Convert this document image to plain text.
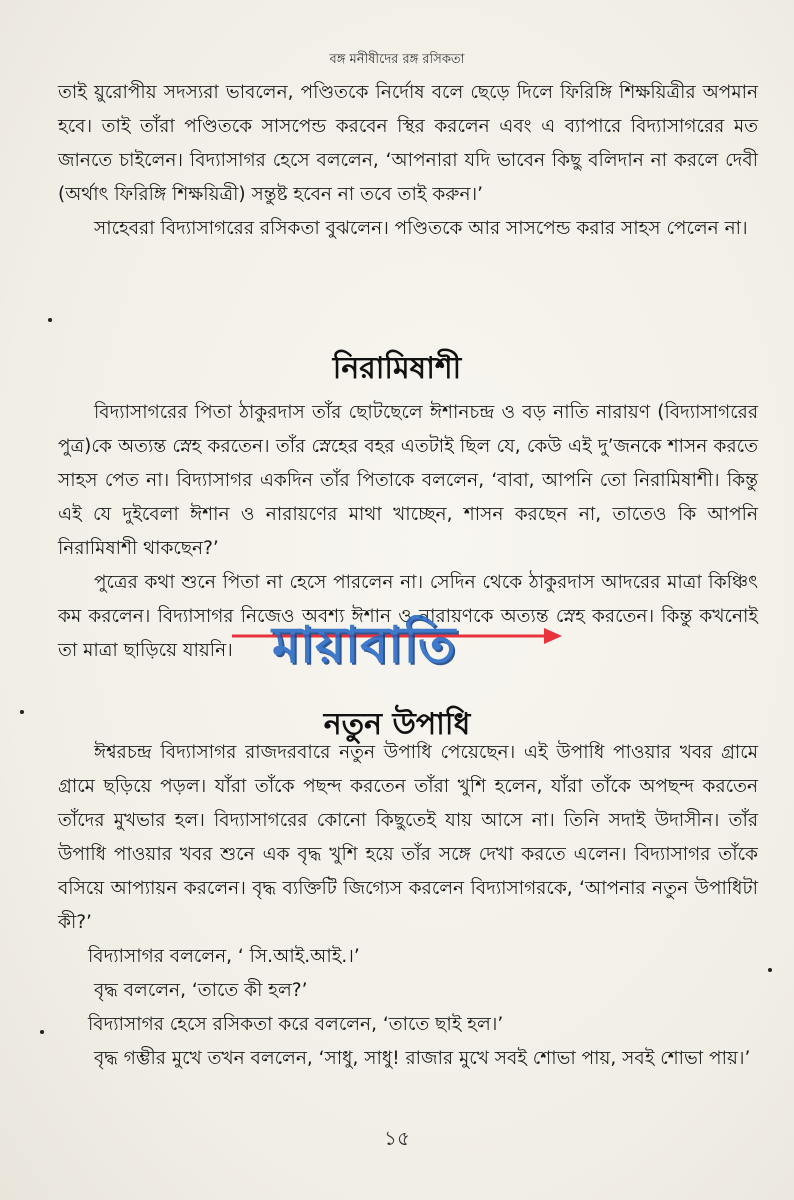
বঙ্গ মনীষীদের রঙ্গ রসিকতা

তাই য়ুরোপীয় সদস্যরা ভাবলেন, পণ্ডিতকে নির্দোষ বলে ছেড়ে দিলে ফিরিঙ্গি শিক্ষয়িত্রীর অপমান হবে। তাই তাঁরা পণ্ডিতকে সাসপেন্ড করবেন স্থির করলেন এবং এ ব্যাপারে বিদ্যাসাগরের মত জানতে চাইলেন। বিদ্যাসাগর হেসে বললেন, ‘আপনারা যদি ভাবেন কিছু বলিদান না করলে দেবী (অর্থাৎ ফিরিঙ্গি শিক্ষয়িত্রী) সন্তুষ্ট হবেন না তবে তাই করুন।’

সাহেবরা বিদ্যাসাগরের রসিকতা বুঝলেন। পণ্ডিতকে আর সাসপেন্ড করার সাহস পেলেন না।

নিরামিষাশী

বিদ্যাসাগরের পিতা ঠাকুরদাস তাঁর ছোটছেলে ঈশানচন্দ্র ও বড় নাতি নারায়ণ (বিদ্যাসাগরের পুত্র)কে অত্যন্ত স্নেহ করতেন। তাঁর স্নেহের বহর এতটাই ছিল যে, কেউ এই দু’জনকে শাসন করতে সাহস পেত না। বিদ্যাসাগর একদিন তাঁর পিতাকে বললেন, ‘বাবা, আপনি তো নিরামিষাশী। কিন্তু এই যে দুইবেলা ঈশান ও নারায়ণের মাথা খাচ্ছেন, শাসন করছেন না, তাতেও কি আপনি নিরামিষাশী থাকছেন?’

পুত্রের কথা শুনে পিতা না হেসে পারলেন না। সেদিন থেকে ঠাকুরদাস আদরের মাত্রা কিঞ্চিৎ কম করলেন। বিদ্যাসাগর নিজেও অবশ্য ঈশান ও নারায়ণকে অত্যন্ত স্নেহ করতেন। কিন্তু কখনোই তা মাত্রা ছাড়িয়ে যায়নি।

নতুন উপাধি

ঈশ্বরচন্দ্র বিদ্যাসাগর রাজদরবারে নতুন উপাধি পেয়েছেন। এই উপাধি পাওয়ার খবর গ্রামে গ্রামে ছড়িয়ে পড়ল। যাঁরা তাঁকে পছন্দ করতেন তাঁরা খুশি হলেন, যাঁরা তাঁকে অপছন্দ করতেন তাঁদের মুখভার হল। বিদ্যাসাগরের কোনো কিছুতেই যায় আসে না। তিনি সদাই উদাসীন। তাঁর উপাধি পাওয়ার খবর শুনে এক বৃদ্ধ খুশি হয়ে তাঁর সঙ্গে দেখা করতে এলেন। বিদ্যাসাগর তাঁকে বসিয়ে আপ্যায়ন করলেন। বৃদ্ধ ব্যক্তিটি জিগ্যেস করলেন বিদ্যাসাগরকে, ‘আপনার নতুন উপাধিটা কী?’

বিদ্যাসাগর বললেন, ‘ সি.আই.আই.।’

বৃদ্ধ বললেন, ‘তাতে কী হল?’

বিদ্যাসাগর হেসে রসিকতা করে বললেন, ‘তাতে ছাই হল।’

বৃদ্ধ গম্ভীর মুখে তখন বললেন, ‘সাধু, সাধু! রাজার মুখে সবই শোভা পায়, সবই শোভা পায়।’

১৫
মায়াবাতি
